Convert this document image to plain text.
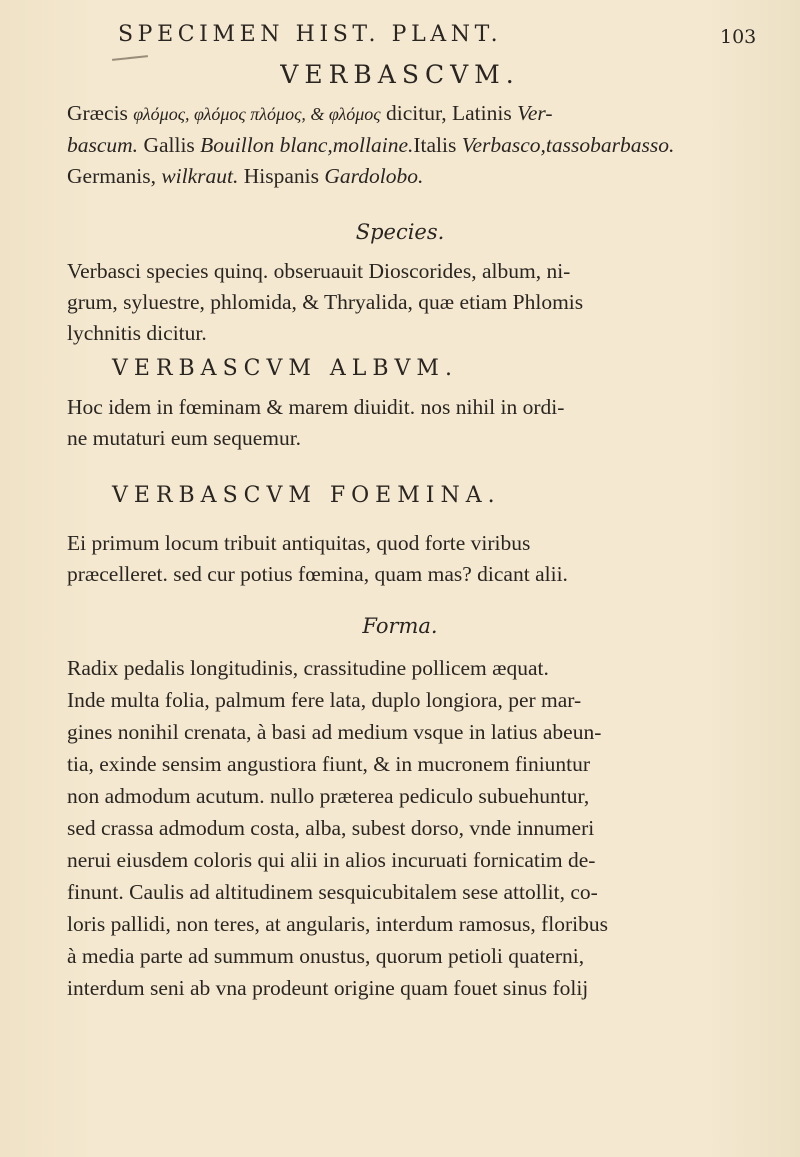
SPECIMEN HIST. PLANT.	103
VERBASCVM.
Græcis φλόμος, φλόμος πλόμος, & φλόμος dicitur, Latinis Ver-
bascum. Gallis Bouillon blanc,mollaine.Italis Verbasco,tassobarbasso.
Germanis, wilkraut. Hispanis Gardolobo.
Species.
Verbasci species quinq. obseruauit Dioscorides, album, ni-
grum, syluestre, phlomida, & Thryalida, quæ etiam Phlomis
lychnitis dicitur.
VERBASCVM ALBVM.
Hoc idem in fœminam & marem diuidit. nos nihil in ordi-
ne mutaturi eum sequemur.
VERBASCVM FOEMINA.
Ei primum locum tribuit antiquitas, quod forte viribus
præcelleret. sed cur potius fœmina, quam mas? dicant alii.
Forma.
Radix pedalis longitudinis, crassitudine pollicem æquat.
Inde multa folia, palmum fere lata, duplo longiora, per mar-
gines nonihil crenata, à basi ad medium vsque in latius abeun-
tia, exinde sensim angustiora fiunt, & in mucronem finiuntur
non admodum acutum. nullo præterea pediculo subuehuntur,
sed crassa admodum costa, alba, subest dorso, vnde innumeri
nerui eiusdem coloris qui alii in alios incuruati fornicatim de-
finunt. Caulis ad altitudinem sesquicubitalem sese attollit, co-
loris pallidi, non teres, at angularis, interdum ramosus, floribus
à media parte ad summum onustus, quorum petioli quaterni,
interdum seni ab vna prodeunt origine quam fouet sinus folij
